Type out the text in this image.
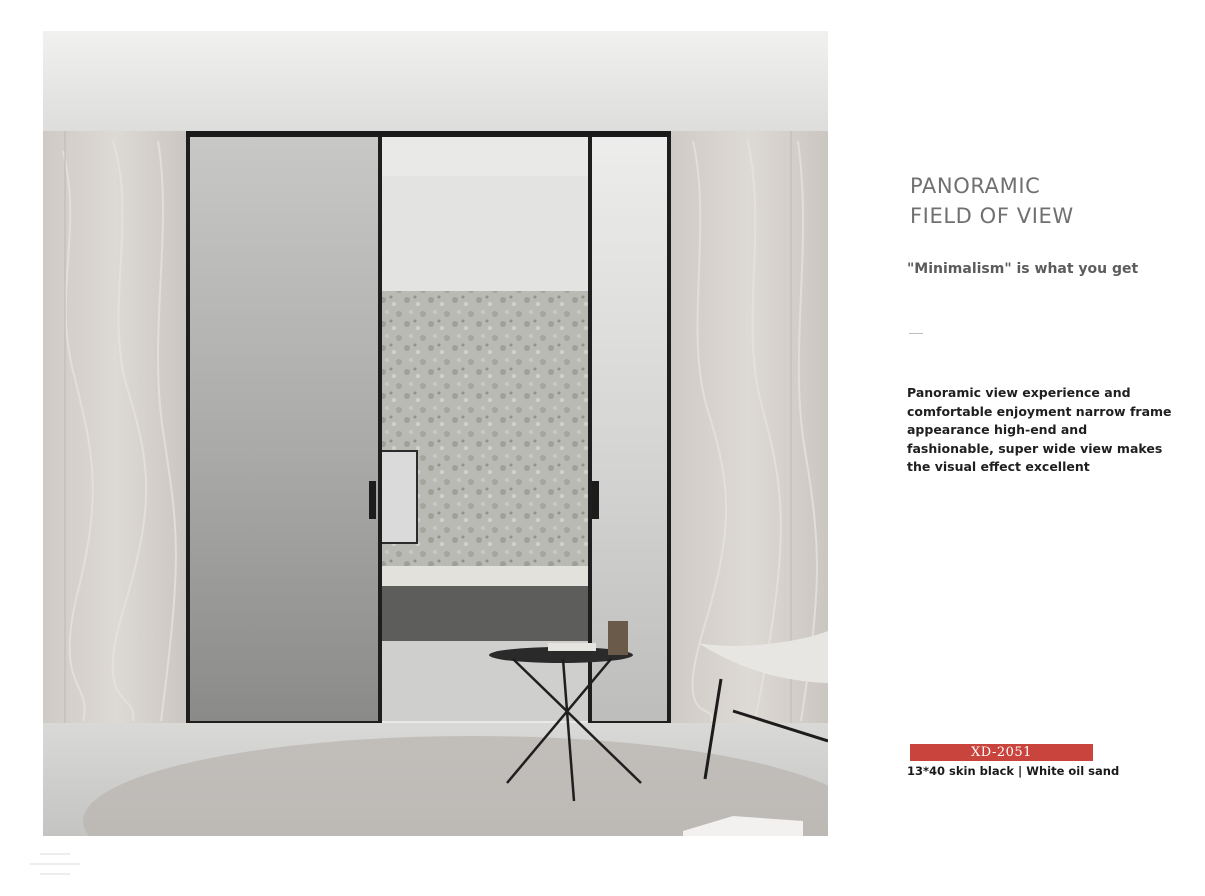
PANORAMIC
FIELD OF VIEW

"Minimalism" is what you get

—

Panoramic view experience and comfortable enjoyment narrow frame appearance high-end and fashionable, super wide view makes the visual effect excellent

XD-2051

13*40 skin black | White oil sand
